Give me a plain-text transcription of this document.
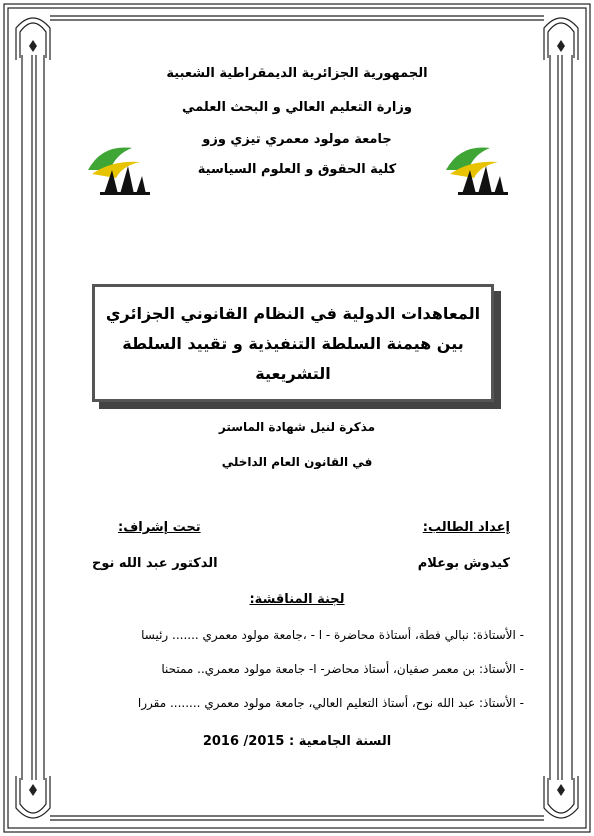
الجمهورية الجزائرية الديمقراطية الشعبية
وزارة التعليم العالي و البحث العلمي
جامعة مولود معمري تيزي وزو
كلية الحقوق و العلوم السياسية
المعاهدات الدولية في النظام القانوني الجزائري
بين هيمنة السلطة التنفيذية و تقييد السلطة
التشريعية
مذكرة لنيل شهادة الماستر
في القانون العام الداخلي
إعداد الطالب:
كيدوش بوعلام
تحت إشراف:
الدكتور عبد الله نوح
لجنة المناقشة:
- الأستاذة: نبالي فطة، أستاذة محاضرة - ا - ،جامعة مولود معمري ....... رئيسا
- الأستاذ: بن معمر صفيان، أستاذ محاضر- ا- جامعة مولود معمري.. ممتحنا
- الأستاذ: عبد الله نوح، أستاذ التعليم العالي، جامعة مولود معمري ........ مقررا
السنة الجامعية : 2015/ 2016
